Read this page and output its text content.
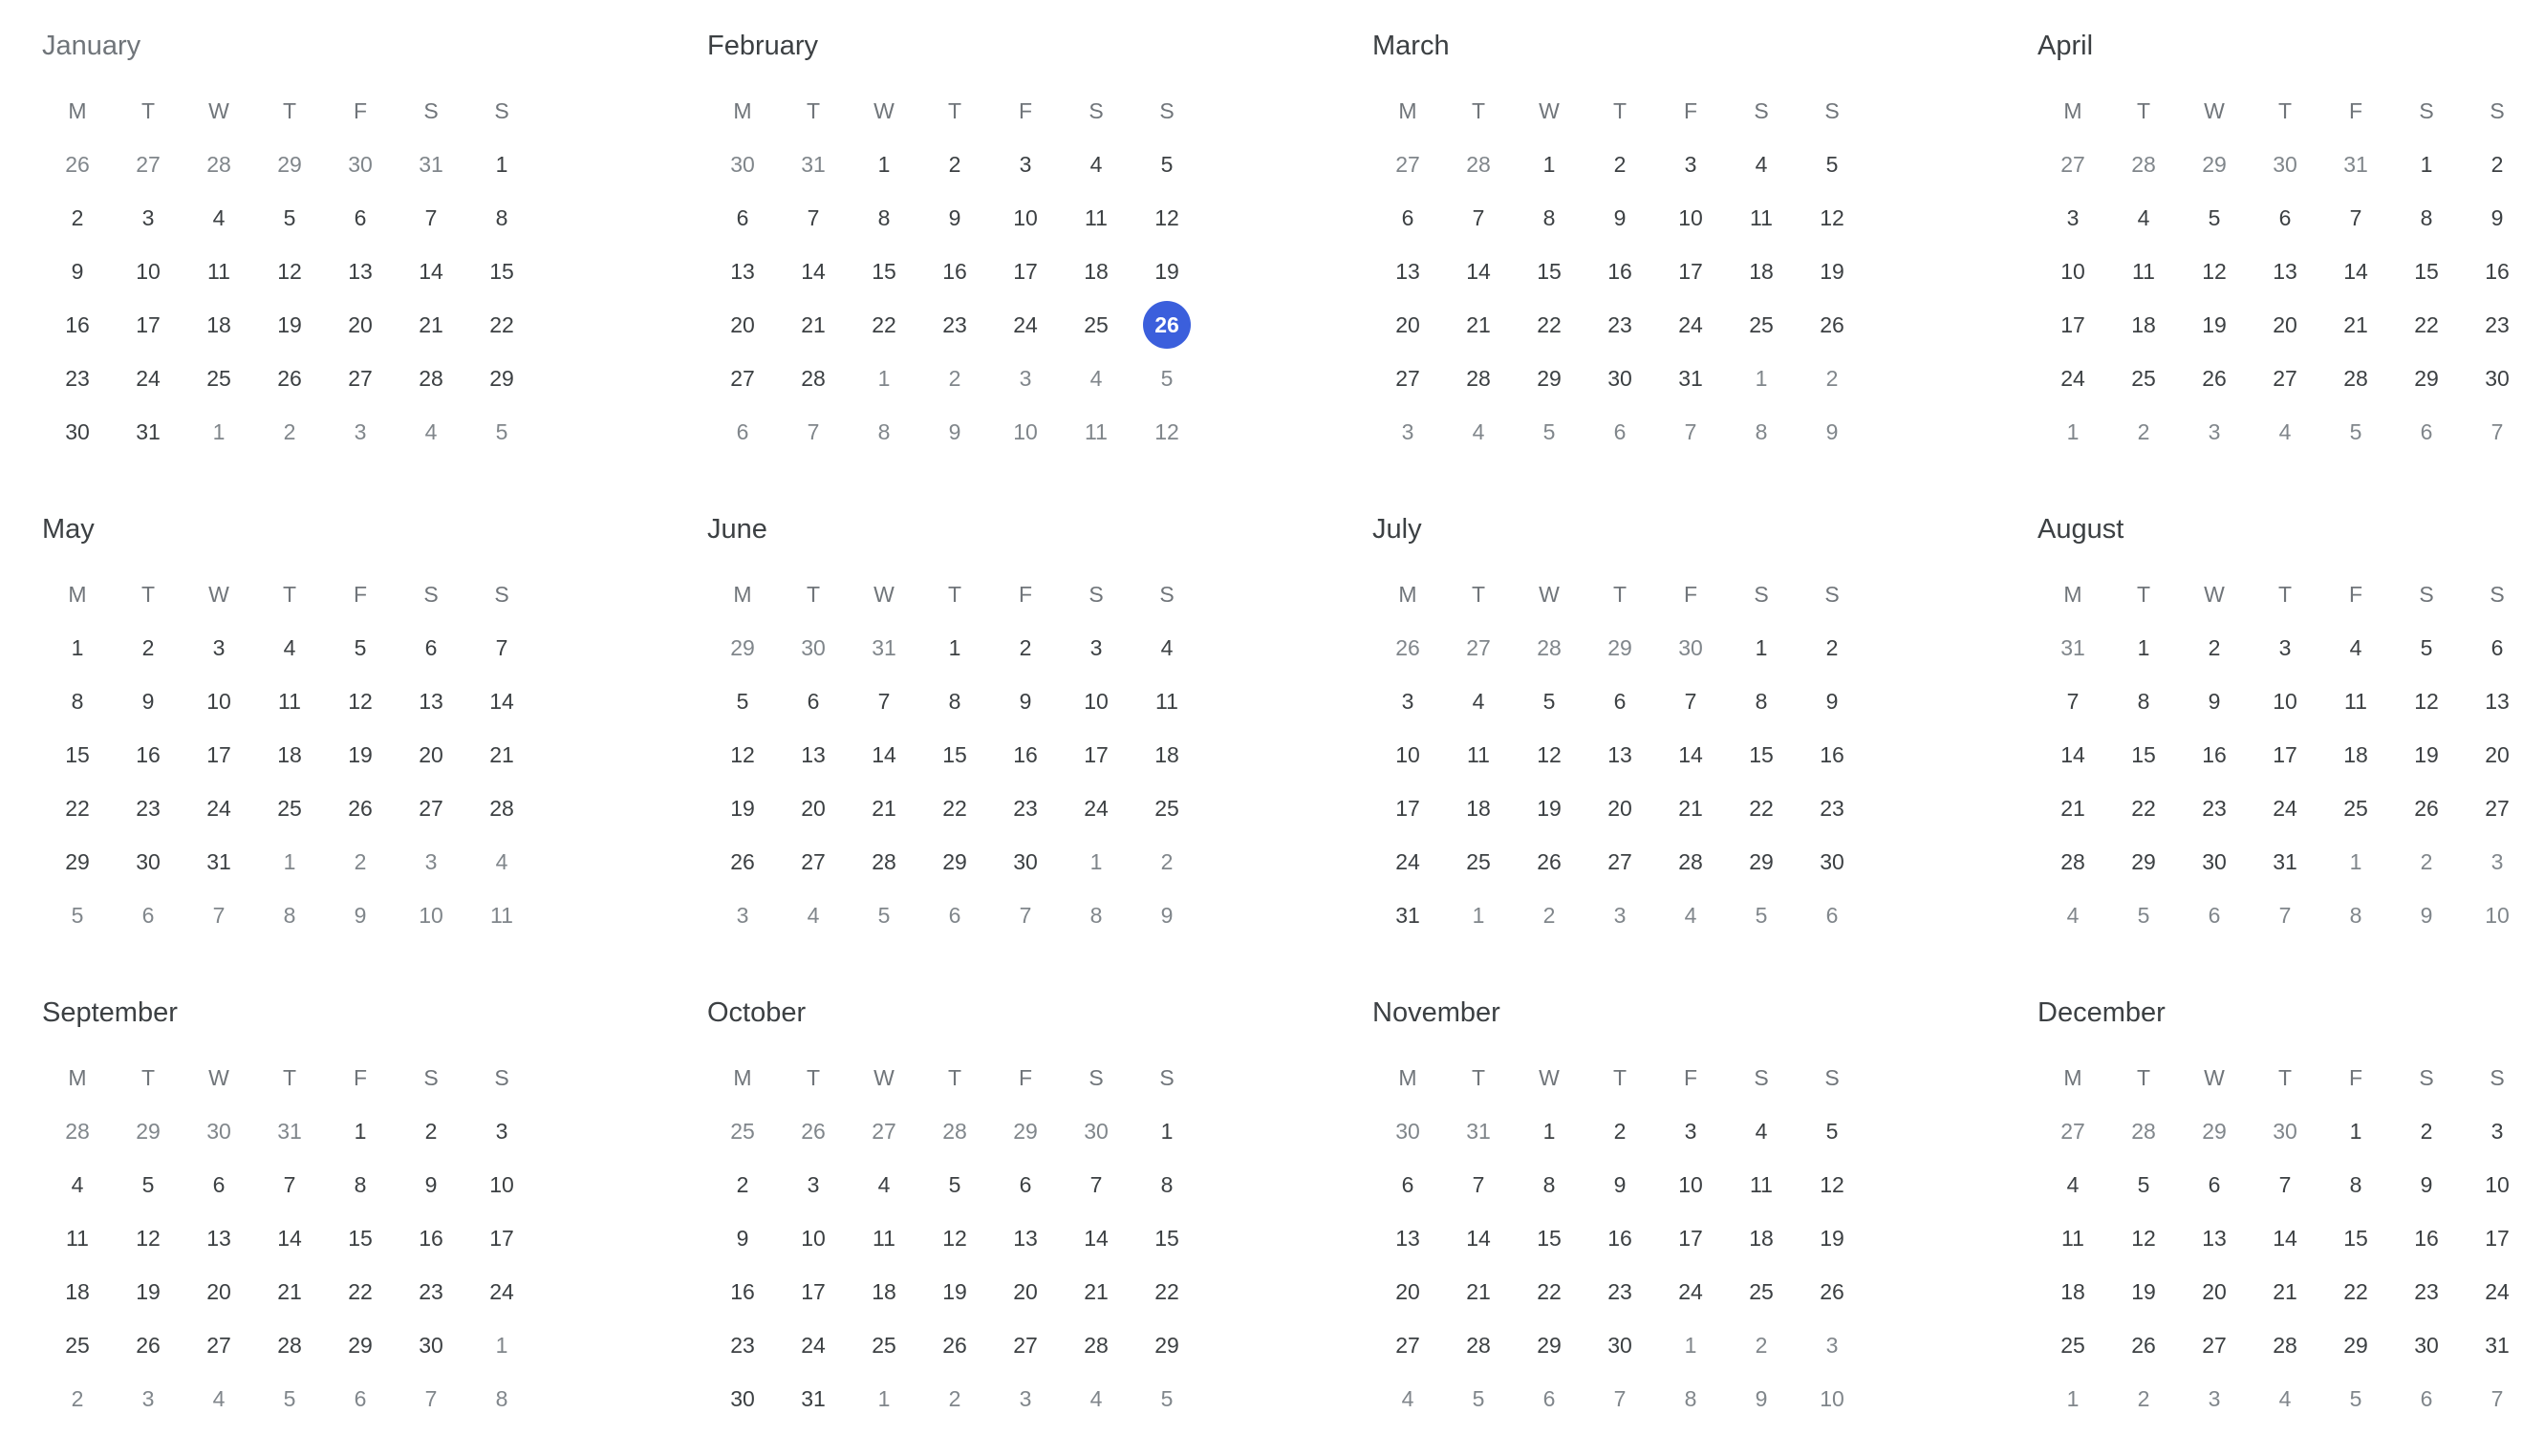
January
M	T	W	T	F	S	S
26	27	28	29	30	31	1
2	3	4	5	6	7	8
9	10	11	12	13	14	15
16	17	18	19	20	21	22
23	24	25	26	27	28	29
30	31	1	2	3	4	5
February
M	T	W	T	F	S	S
30	31	1	2	3	4	5
6	7	8	9	10	11	12
13	14	15	16	17	18	19
20	21	22	23	24	25	26
27	28	1	2	3	4	5
6	7	8	9	10	11	12
March
M	T	W	T	F	S	S
27	28	1	2	3	4	5
6	7	8	9	10	11	12
13	14	15	16	17	18	19
20	21	22	23	24	25	26
27	28	29	30	31	1	2
3	4	5	6	7	8	9
April
M	T	W	T	F	S	S
27	28	29	30	31	1	2
3	4	5	6	7	8	9
10	11	12	13	14	15	16
17	18	19	20	21	22	23
24	25	26	27	28	29	30
1	2	3	4	5	6	7
May
M	T	W	T	F	S	S
1	2	3	4	5	6	7
8	9	10	11	12	13	14
15	16	17	18	19	20	21
22	23	24	25	26	27	28
29	30	31	1	2	3	4
5	6	7	8	9	10	11
June
M	T	W	T	F	S	S
29	30	31	1	2	3	4
5	6	7	8	9	10	11
12	13	14	15	16	17	18
19	20	21	22	23	24	25
26	27	28	29	30	1	2
3	4	5	6	7	8	9
July
M	T	W	T	F	S	S
26	27	28	29	30	1	2
3	4	5	6	7	8	9
10	11	12	13	14	15	16
17	18	19	20	21	22	23
24	25	26	27	28	29	30
31	1	2	3	4	5	6
August
M	T	W	T	F	S	S
31	1	2	3	4	5	6
7	8	9	10	11	12	13
14	15	16	17	18	19	20
21	22	23	24	25	26	27
28	29	30	31	1	2	3
4	5	6	7	8	9	10
September
M	T	W	T	F	S	S
28	29	30	31	1	2	3
4	5	6	7	8	9	10
11	12	13	14	15	16	17
18	19	20	21	22	23	24
25	26	27	28	29	30	1
2	3	4	5	6	7	8
October
M	T	W	T	F	S	S
25	26	27	28	29	30	1
2	3	4	5	6	7	8
9	10	11	12	13	14	15
16	17	18	19	20	21	22
23	24	25	26	27	28	29
30	31	1	2	3	4	5
November
M	T	W	T	F	S	S
30	31	1	2	3	4	5
6	7	8	9	10	11	12
13	14	15	16	17	18	19
20	21	22	23	24	25	26
27	28	29	30	1	2	3
4	5	6	7	8	9	10
December
M	T	W	T	F	S	S
27	28	29	30	1	2	3
4	5	6	7	8	9	10
11	12	13	14	15	16	17
18	19	20	21	22	23	24
25	26	27	28	29	30	31
1	2	3	4	5	6	7
